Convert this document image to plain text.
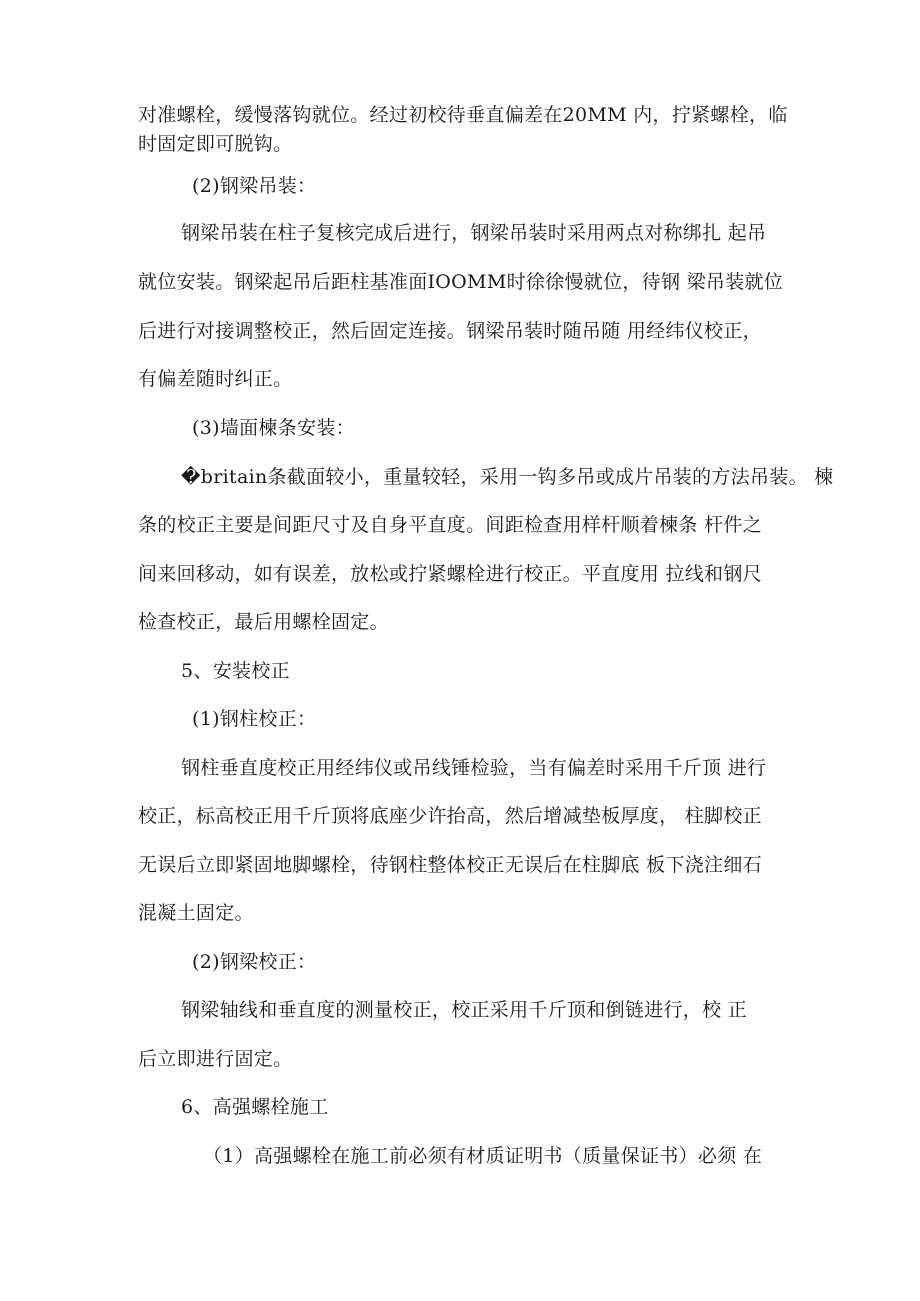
对准螺栓，缓慢落钩就位。经过初校待垂直偏差在20MM 内，拧紧螺栓，临
时固定即可脱钩。
(2)钢梁吊装：
钢梁吊装在柱子复核完成后进行，钢梁吊装时采用两点对称绑扎 起吊
就位安装。钢梁起吊后距柱基准面IOOMM时徐徐慢就位，待钢 梁吊装就位
后进行对接调整校正，然后固定连接。钢梁吊装时随吊随 用经纬仪校正，
有偏差随时纠正。
(3)墙面楝条安装：
�britain条截面较小，重量较轻，采用一钩多吊或成片吊装的方法吊装。 楝
条的校正主要是间距尺寸及自身平直度。间距检查用样杆顺着楝条 杆件之
间来回移动，如有误差，放松或拧紧螺栓进行校正。平直度用 拉线和钢尺
检查校正，最后用螺栓固定。
5、安装校正
(1)钢柱校正：
钢柱垂直度校正用经纬仪或吊线锤检验，当有偏差时采用千斤顶 进行
校正，标高校正用千斤顶将底座少许抬高，然后增减垫板厚度， 柱脚校正
无误后立即紧固地脚螺栓，待钢柱整体校正无误后在柱脚底 板下浇注细石
混凝土固定。
(2)钢梁校正：
钢梁轴线和垂直度的测量校正，校正采用千斤顶和倒链进行，校 正
后立即进行固定。
6、高强螺栓施工
（1）高强螺栓在施工前必须有材质证明书（质量保证书）必须 在
